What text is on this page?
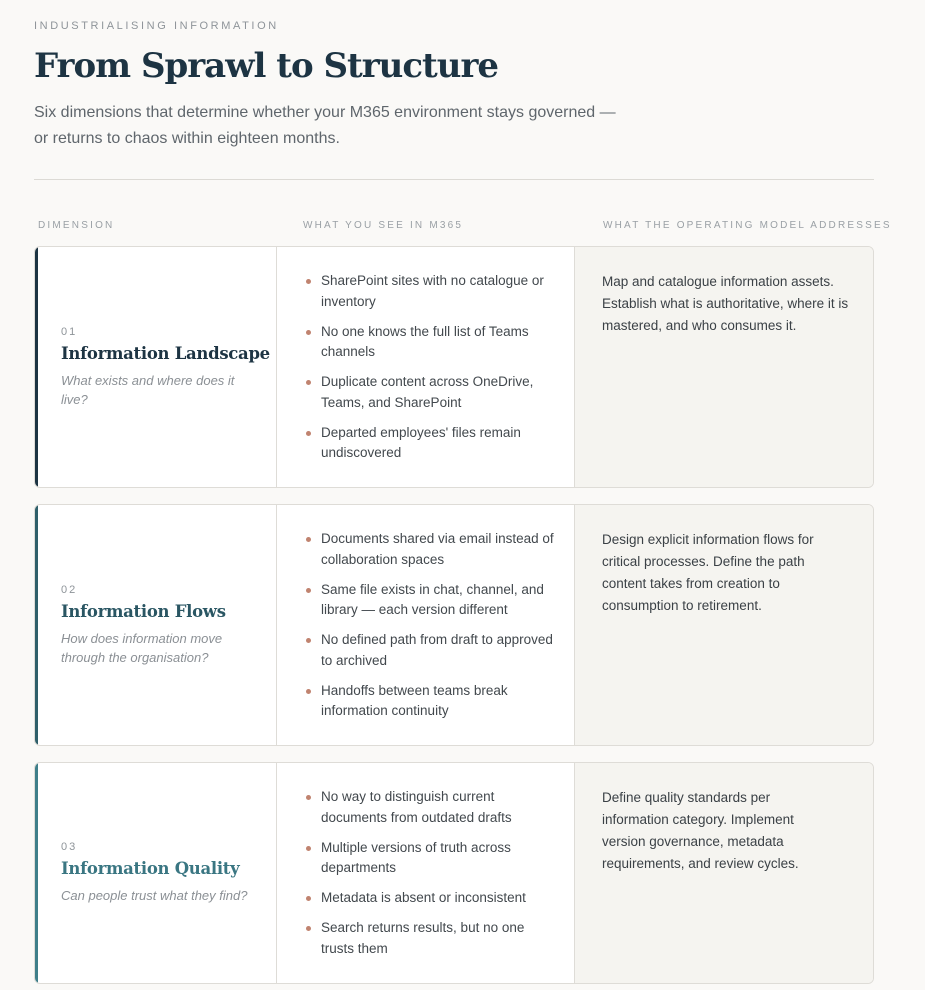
INDUSTRIALISING INFORMATION
From Sprawl to Structure

Six dimensions that determine whether your M365 environment stays governed — or returns to chaos within eighteen months.

DIMENSION	WHAT YOU SEE IN M365	WHAT THE OPERATING MODEL ADDRESSES
01
Information Landscape
What exists and where does it live?
SharePoint sites with no catalogue or inventory
No one knows the full list of Teams channels
Duplicate content across OneDrive, Teams, and SharePoint
Departed employees' files remain undiscovered
Map and catalogue information assets. Establish what is authoritative, where it is mastered, and who consumes it.
02
Information Flows
How does information move through the organisation?
Documents shared via email instead of collaboration spaces
Same file exists in chat, channel, and library — each version different
No defined path from draft to approved to archived
Handoffs between teams break information continuity
Design explicit information flows for critical processes. Define the path content takes from creation to consumption to retirement.
03
Information Quality
Can people trust what they find?
No way to distinguish current documents from outdated drafts
Multiple versions of truth across departments
Metadata is absent or inconsistent
Search returns results, but no one trusts them
Define quality standards per information category. Implement version governance, metadata requirements, and review cycles.
